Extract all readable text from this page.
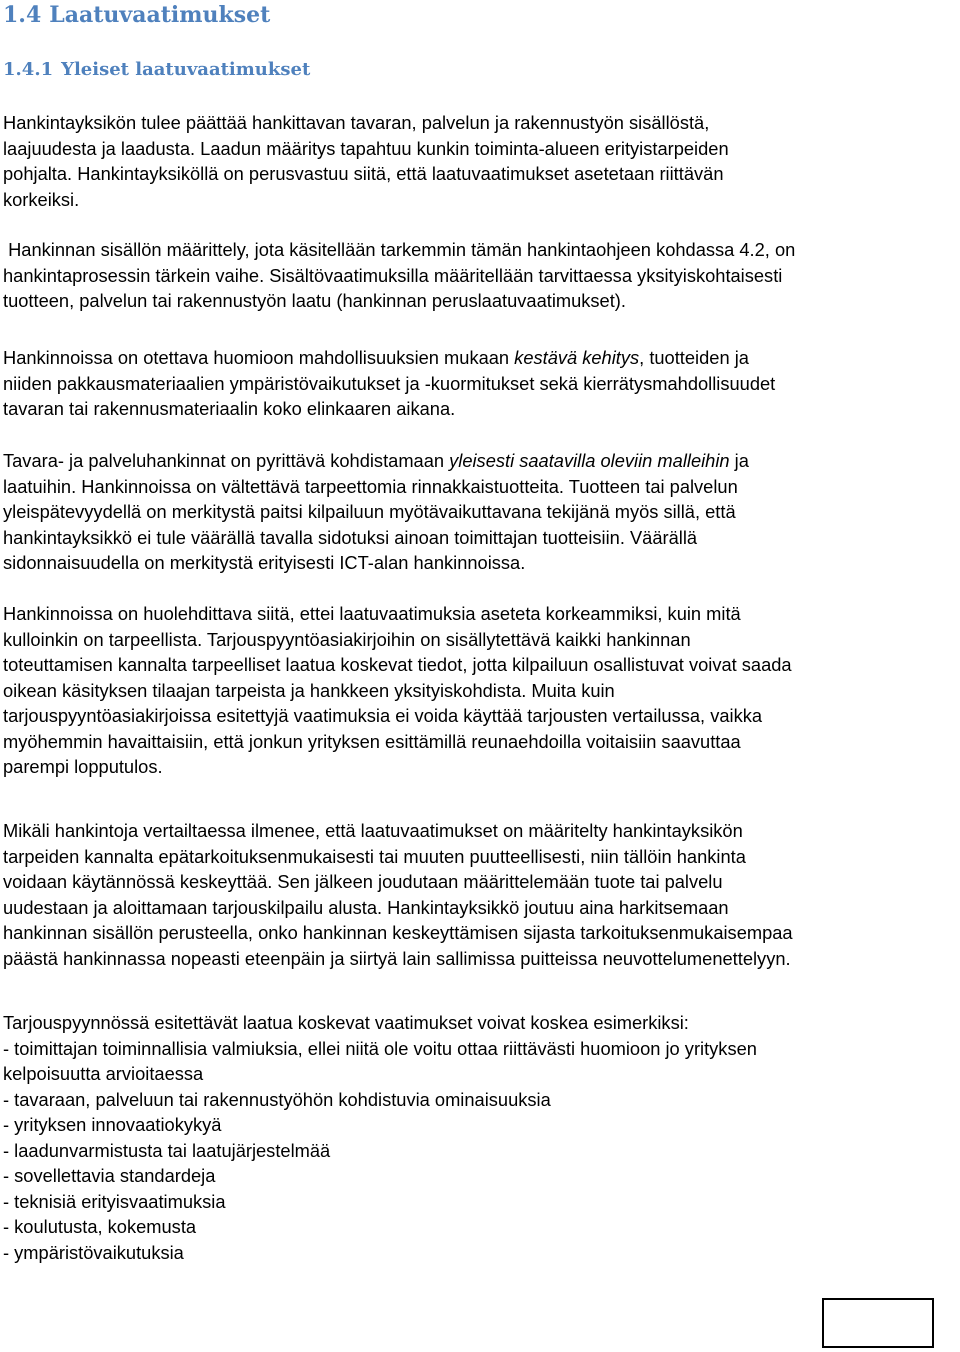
1.4 Laatuvaatimukset
1.4.1 Yleiset laatuvaatimukset
Hankintayksikön tulee päättää hankittavan tavaran, palvelun ja rakennustyön sisällöstä,
laajuudesta ja laadusta. Laadun määritys tapahtuu kunkin toiminta-alueen erityistarpeiden
pohjalta. Hankintayksiköllä on perusvastuu siitä, että laatuvaatimukset asetetaan riittävän
korkeiksi.
Hankinnan sisällön määrittely, jota käsitellään tarkemmin tämän hankintaohjeen kohdassa 4.2, on
hankintaprosessin tärkein vaihe. Sisältövaatimuksilla määritellään tarvittaessa yksityiskohtaisesti
tuotteen, palvelun tai rakennustyön laatu (hankinnan peruslaatuvaatimukset).
Hankinnoissa on otettava huomioon mahdollisuuksien mukaan kestävä kehitys, tuotteiden ja
niiden pakkausmateriaalien ympäristövaikutukset ja -kuormitukset sekä kierrätysmahdollisuudet
tavaran tai rakennusmateriaalin koko elinkaaren aikana.
Tavara- ja palveluhankinnat on pyrittävä kohdistamaan yleisesti saatavilla oleviin malleihin ja
laatuihin. Hankinnoissa on vältettävä tarpeettomia rinnakkaistuotteita. Tuotteen tai palvelun
yleispätevyydellä on merkitystä paitsi kilpailuun myötävaikuttavana tekijänä myös sillä, että
hankintayksikkö ei tule väärällä tavalla sidotuksi ainoan toimittajan tuotteisiin. Väärällä
sidonnaisuudella on merkitystä erityisesti ICT-alan hankinnoissa.
Hankinnoissa on huolehdittava siitä, ettei laatuvaatimuksia aseteta korkeammiksi, kuin mitä
kulloinkin on tarpeellista. Tarjouspyyntöasiakirjoihin on sisällytettävä kaikki hankinnan
toteuttamisen kannalta tarpeelliset laatua koskevat tiedot, jotta kilpailuun osallistuvat voivat saada
oikean käsityksen tilaajan tarpeista ja hankkeen yksityiskohdista. Muita kuin
tarjouspyyntöasiakirjoissa esitettyjä vaatimuksia ei voida käyttää tarjousten vertailussa, vaikka
myöhemmin havaittaisiin, että jonkun yrityksen esittämillä reunaehdoilla voitaisiin saavuttaa
parempi lopputulos.
Mikäli hankintoja vertailtaessa ilmenee, että laatuvaatimukset on määritelty hankintayksikön
tarpeiden kannalta epätarkoituksenmukaisesti tai muuten puutteellisesti, niin tällöin hankinta
voidaan käytännössä keskeyttää. Sen jälkeen joudutaan määrittelemään tuote tai palvelu
uudestaan ja aloittamaan tarjouskilpailu alusta. Hankintayksikkö joutuu aina harkitsemaan
hankinnan sisällön perusteella, onko hankinnan keskeyttämisen sijasta tarkoituksenmukaisempaa
päästä hankinnassa nopeasti eteenpäin ja siirtyä lain sallimissa puitteissa neuvottelumenettelyyn.
Tarjouspyynnössä esitettävät laatua koskevat vaatimukset voivat koskea esimerkiksi:
- toimittajan toiminnallisia valmiuksia, ellei niitä ole voitu ottaa riittävästi huomioon jo yrityksen
kelpoisuutta arvioitaessa
- tavaraan, palveluun tai rakennustyöhön kohdistuvia ominaisuuksia
- yrityksen innovaatiokykyä
- laadunvarmistusta tai laatujärjestelmää
- sovellettavia standardeja
- teknisiä erityisvaatimuksia
- koulutusta, kokemusta
- ympäristövaikutuksia
